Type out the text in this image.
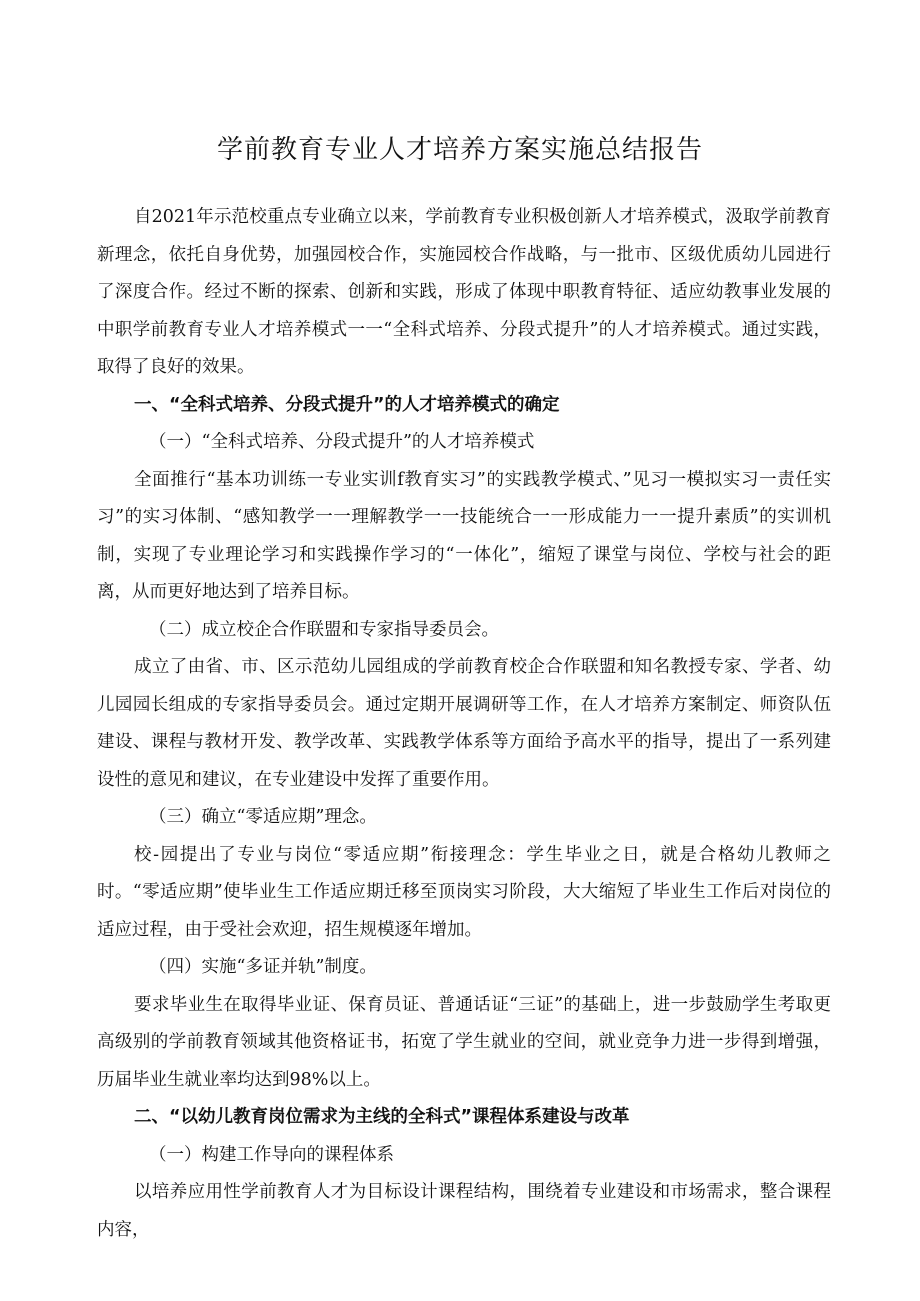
学前教育专业人才培养方案实施总结报告

自2021年示范校重点专业确立以来，学前教育专业积极创新人才培养模式，汲取学前教育新理念，依托自身优势，加强园校合作，实施园校合作战略，与一批市、区级优质幼儿园进行了深度合作。经过不断的探索、创新和实践，形成了体现中职教育特征、适应幼教事业发展的中职学前教育专业人才培养模式一一“全科式培养、分段式提升”的人才培养模式。通过实践，取得了良好的效果。

一、“全科式培养、分段式提升”的人才培养模式的确定

（一）“全科式培养、分段式提升”的人才培养模式

全面推行“基本功训练一专业实训f教育实习”的实践教学模式、”见习一模拟实习一责任实习”的实习体制、“感知教学一一理解教学一一技能统合一一形成能力一一提升素质”的实训机制，实现了专业理论学习和实践操作学习的“一体化”，缩短了课堂与岗位、学校与社会的距离，从而更好地达到了培养目标。

（二）成立校企合作联盟和专家指导委员会。

成立了由省、市、区示范幼儿园组成的学前教育校企合作联盟和知名教授专家、学者、幼儿园园长组成的专家指导委员会。通过定期开展调研等工作，在人才培养方案制定、师资队伍建设、课程与教材开发、教学改革、实践教学体系等方面给予高水平的指导，提出了一系列建设性的意见和建议，在专业建设中发挥了重要作用。

（三）确立“零适应期”理念。

校-园提出了专业与岗位“零适应期”衔接理念：学生毕业之日，就是合格幼儿教师之时。“零适应期”使毕业生工作适应期迁移至顶岗实习阶段，大大缩短了毕业生工作后对岗位的适应过程，由于受社会欢迎，招生规模逐年增加。

（四）实施“多证并轨”制度。

要求毕业生在取得毕业证、保育员证、普通话证“三证”的基础上，进一步鼓励学生考取更高级别的学前教育领域其他资格证书，拓宽了学生就业的空间，就业竞争力进一步得到增强，历届毕业生就业率均达到98%以上。

二、“以幼儿教育岗位需求为主线的全科式”课程体系建设与改革

（一）构建工作导向的课程体系

以培养应用性学前教育人才为目标设计课程结构，围绕着专业建设和市场需求，整合课程内容，
